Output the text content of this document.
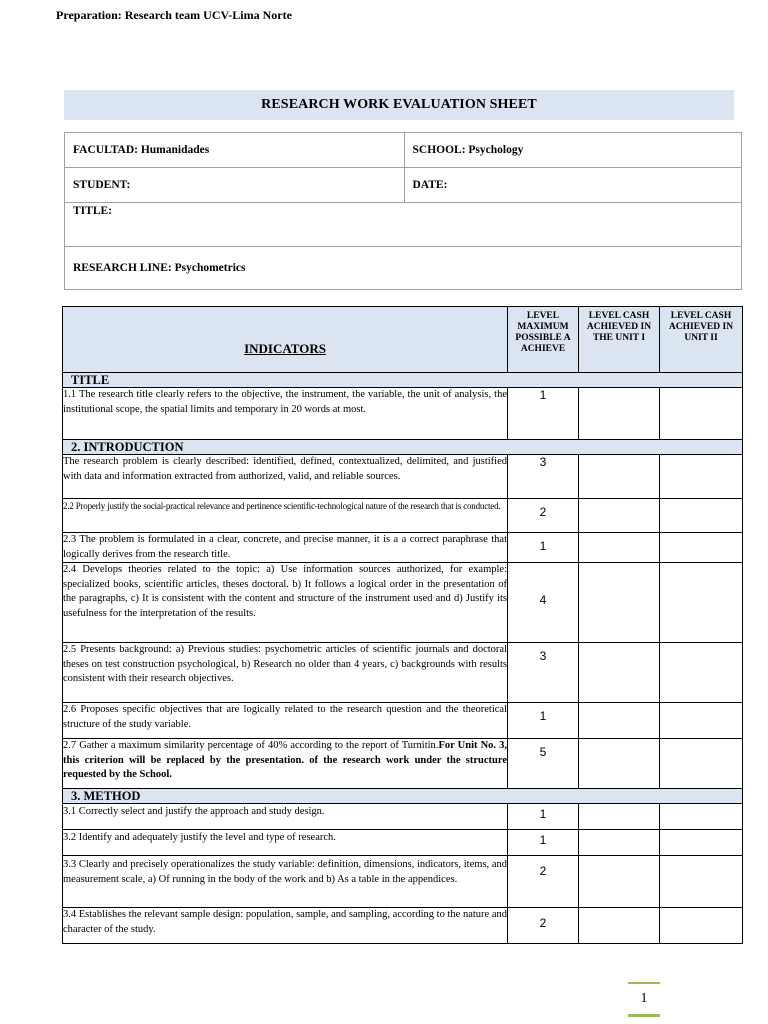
Preparation: Research team UCV-Lima Norte
RESEARCH WORK EVALUATION SHEET
FACULTAD: Humanidades	SCHOOL: Psychology
STUDENT:	DATE:
TITLE:	
RESEARCH LINE: Psychometrics	
INDICATORS	LEVEL MAXIMUM POSSIBLE A ACHIEVE	LEVEL CASH ACHIEVED IN THE UNIT I	LEVEL CASH ACHIEVED IN UNIT II
TITLE			
1.1 The research title clearly refers to the objective, the instrument, the variable, the unit of analysis, the institutional scope, the spatial limits and temporary in 20 words at most.	1		
2. INTRODUCTION			
The research problem is clearly described: identified, defined, contextualized, delimited, and justified with data and information extracted from authorized, valid, and reliable sources.	3		
2.2 Properly justify the social-practical relevance and pertinence scientific-technological nature of the research that is conducted.	2		
2.3 The problem is formulated in a clear, concrete, and precise manner, it is a a correct paraphrase that logically derives from the research title.	1		
2.4 Develops theories related to the topic: a) Use information sources authorized, for example: specialized books, scientific articles, theses doctoral. b) It follows a logical order in the presentation of the paragraphs, c) It is consistent with the content and structure of the instrument used and d) Justify its usefulness for the interpretation of the results.	4		
2.5 Presents background: a) Previous studies: psychometric articles of scientific journals and doctoral theses on test construction psychological, b) Research no older than 4 years, c) backgrounds with results consistent with their research objectives.	3		
2.6 Proposes specific objectives that are logically related to the research question and the theoretical structure of the study variable.	1		
2.7 Gather a maximum similarity percentage of 40% according to the report of Turnitin.For Unit No. 3, this criterion will be replaced by the presentation. of the research work under the structure requested by the School.	5		
3. METHOD			
3.1 Correctly select and justify the approach and study design.	1		
3.2 Identify and adequately justify the level and type of research.	1		
3.3 Clearly and precisely operationalizes the study variable: definition, dimensions, indicators, items, and measurement scale, a) Of running in the body of the work and b) As a table in the appendices.	2		
3.4 Establishes the relevant sample design: population, sample, and sampling, according to the nature and character of the study.	2		
1
